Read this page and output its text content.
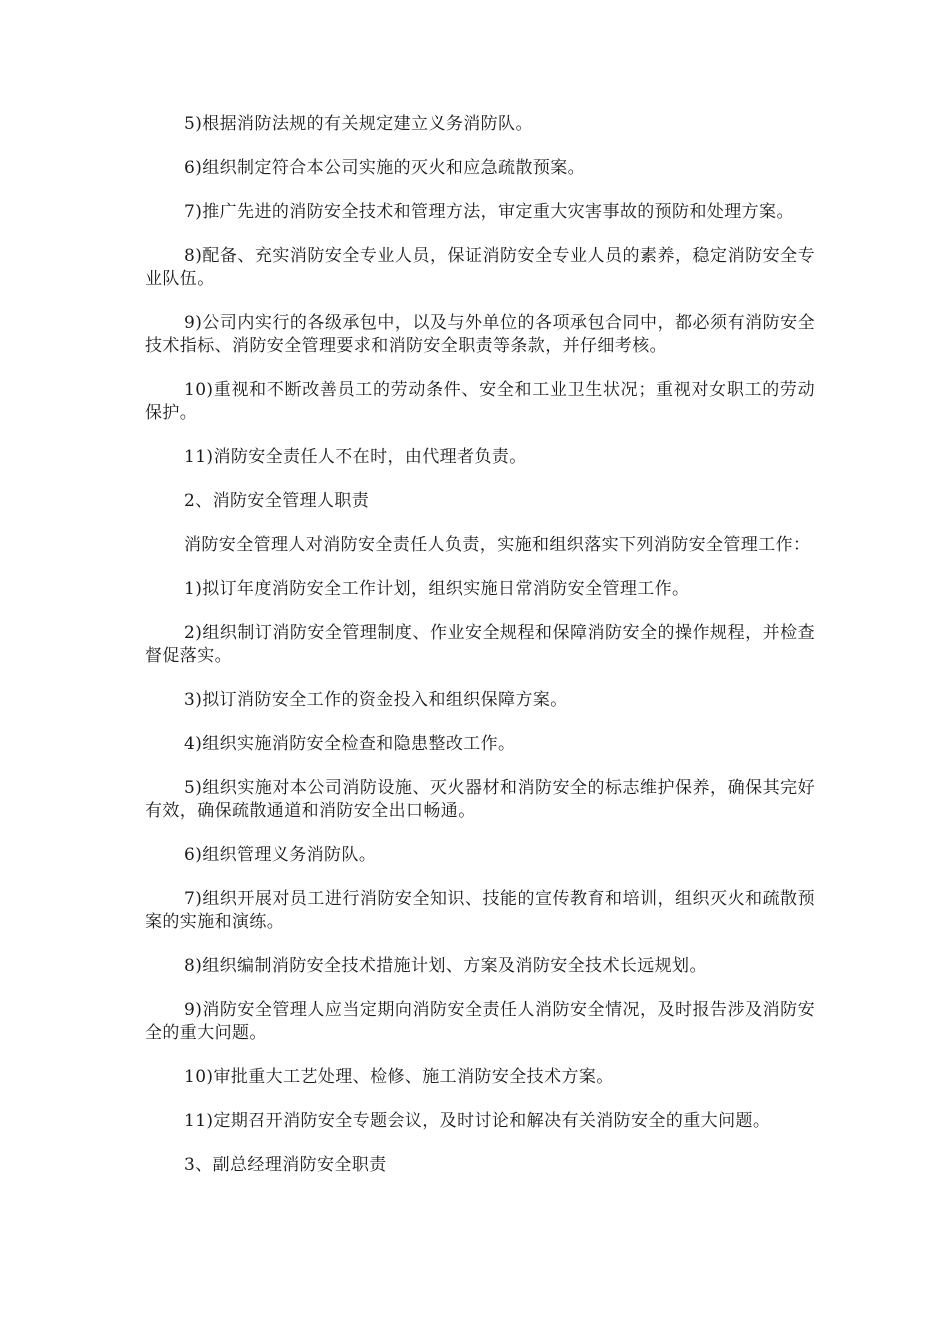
5)根据消防法规的有关规定建立义务消防队。

6)组织制定符合本公司实施的灭火和应急疏散预案。

7)推广先进的消防安全技术和管理方法，审定重大灾害事故的预防和处理方案。

8)配备、充实消防安全专业人员，保证消防安全专业人员的素养，稳定消防安全专业队伍。

9)公司内实行的各级承包中，以及与外单位的各项承包合同中，都必须有消防安全技术指标、消防安全管理要求和消防安全职责等条款，并仔细考核。

10)重视和不断改善员工的劳动条件、安全和工业卫生状况；重视对女职工的劳动保护。

11)消防安全责任人不在时，由代理者负责。

2、消防安全管理人职责

消防安全管理人对消防安全责任人负责，实施和组织落实下列消防安全管理工作：

1)拟订年度消防安全工作计划，组织实施日常消防安全管理工作。

2)组织制订消防安全管理制度、作业安全规程和保障消防安全的操作规程，并检查督促落实。

3)拟订消防安全工作的资金投入和组织保障方案。

4)组织实施消防安全检查和隐患整改工作。

5)组织实施对本公司消防设施、灭火器材和消防安全的标志维护保养，确保其完好有效，确保疏散通道和消防安全出口畅通。

6)组织管理义务消防队。

7)组织开展对员工进行消防安全知识、技能的宣传教育和培训，组织灭火和疏散预案的实施和演练。

8)组织编制消防安全技术措施计划、方案及消防安全技术长远规划。

9)消防安全管理人应当定期向消防安全责任人消防安全情况，及时报告涉及消防安全的重大问题。

10)审批重大工艺处理、检修、施工消防安全技术方案。

11)定期召开消防安全专题会议，及时讨论和解决有关消防安全的重大问题。

3、副总经理消防安全职责
